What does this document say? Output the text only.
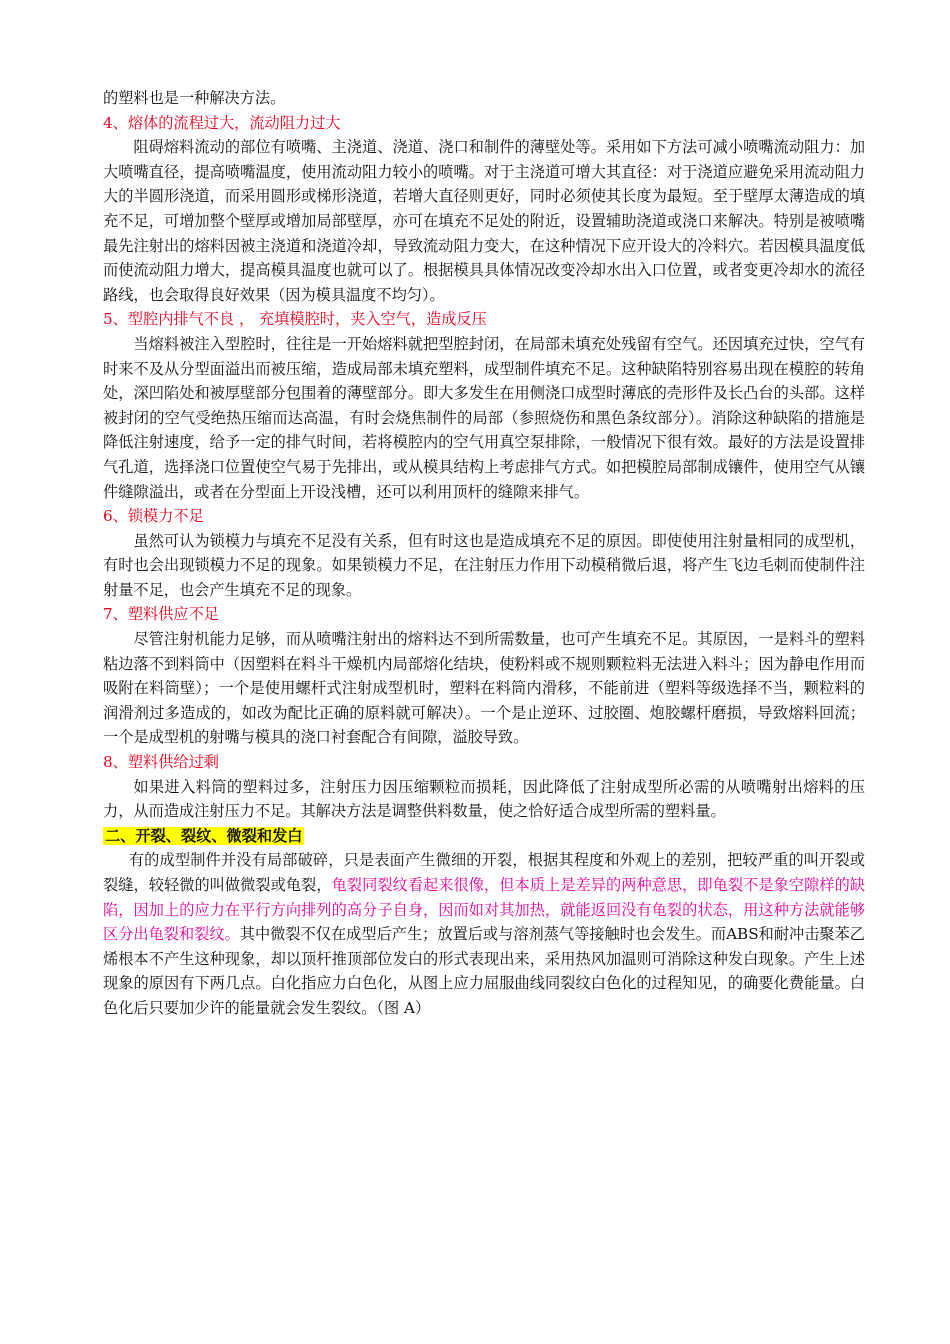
的塑料也是一种解决方法。

4、熔体的流程过大，流动阻力过大

阻碍熔料流动的部位有喷嘴、主浇道、浇道、浇口和制件的薄壁处等。采用如下方法可减小喷嘴流动阻力：加大喷嘴直径，提高喷嘴温度，使用流动阻力较小的喷嘴。对于主浇道可增大其直径：对于浇道应避免采用流动阻力大的半圆形浇道，而采用圆形或梯形浇道，若增大直径则更好，同时必须使其长度为最短。至于壁厚太薄造成的填充不足，可增加整个壁厚或增加局部壁厚，亦可在填充不足处的附近，设置辅助浇道或浇口来解决。特别是被喷嘴最先注射出的熔料因被主浇道和浇道冷却，导致流动阻力变大，在这种情况下应开设大的冷料穴。若因模具温度低而使流动阻力增大，提高模具温度也就可以了。根据模具具体情况改变冷却水出入口位置，或者变更冷却水的流径路线，也会取得良好效果（因为模具温度不均匀）。

5、型腔内排气不良 ， 充填模腔时，夹入空气，造成反压

当熔料被注入型腔时，往往是一开始熔料就把型腔封闭，在局部未填充处残留有空气。还因填充过快，空气有时来不及从分型面溢出而被压缩，造成局部未填充塑料，成型制件填充不足。这种缺陷特别容易出现在模腔的转角处，深凹陷处和被厚壁部分包围着的薄壁部分。即大多发生在用侧浇口成型时薄底的壳形件及长凸台的头部。这样被封闭的空气受绝热压缩而达高温，有时会烧焦制件的局部（参照烧伤和黑色条纹部分）。消除这种缺陷的措施是降低注射速度，给予一定的排气时间，若将模腔内的空气用真空泵排除，一般情况下很有效。最好的方法是设置排气孔道，选择浇口位置使空气易于先排出，或从模具结构上考虑排气方式。如把模腔局部制成镶件，使用空气从镶件缝隙溢出，或者在分型面上开设浅槽，还可以利用顶杆的缝隙来排气。

6、锁模力不足

虽然可认为锁模力与填充不足没有关系，但有时这也是造成填充不足的原因。即使使用注射量相同的成型机，有时也会出现锁模力不足的现象。如果锁模力不足，在注射压力作用下动模稍微后退，将产生飞边毛刺而使制件注射量不足，也会产生填充不足的现象。

7、塑料供应不足

尽管注射机能力足够，而从喷嘴注射出的熔料达不到所需数量，也可产生填充不足。其原因，一是料斗的塑料粘边落不到料筒中（因塑料在料斗干燥机内局部熔化结块，使粉料或不规则颗粒料无法进入料斗；因为静电作用而吸附在料筒壁）；一个是使用螺杆式注射成型机时，塑料在料筒内滑移，不能前进（塑料等级选择不当，颗粒料的润滑剂过多造成的，如改为配比正确的原料就可解决）。一个是止逆环、过胶圈、炮胶螺杆磨损，导致熔料回流；一个是成型机的射嘴与模具的浇口衬套配合有间隙，溢胶导致。

8、塑料供给过剩

如果进入料筒的塑料过多，注射压力因压缩颗粒而损耗，因此降低了注射成型所必需的从喷嘴射出熔料的压力，从而造成注射压力不足。其解决方法是调整供料数量，使之恰好适合成型所需的塑料量。

二、开裂、裂纹、微裂和发白

有的成型制件并没有局部破碎，只是表面产生微细的开裂，根据其程度和外观上的差别，把较严重的叫开裂或裂缝，较轻微的叫做微裂或龟裂，龟裂同裂纹看起来很像，但本质上是差异的两种意思，即龟裂不是象空隙样的缺陷，因加上的应力在平行方向排列的高分子自身，因而如对其加热，就能返回没有龟裂的状态，用这种方法就能够区分出龟裂和裂纹。其中微裂不仅在成型后产生；放置后或与溶剂蒸气等接触时也会发生。而ABS和耐冲击聚苯乙烯根本不产生这种现象，却以顶杆推顶部位发白的形式表现出来，采用热风加温则可消除这种发白现象。产生上述现象的原因有下两几点。白化指应力白色化，从图上应力屈服曲线同裂纹白色化的过程知见，的确要化费能量。白色化后只要加少许的能量就会发生裂纹。（图 A）
